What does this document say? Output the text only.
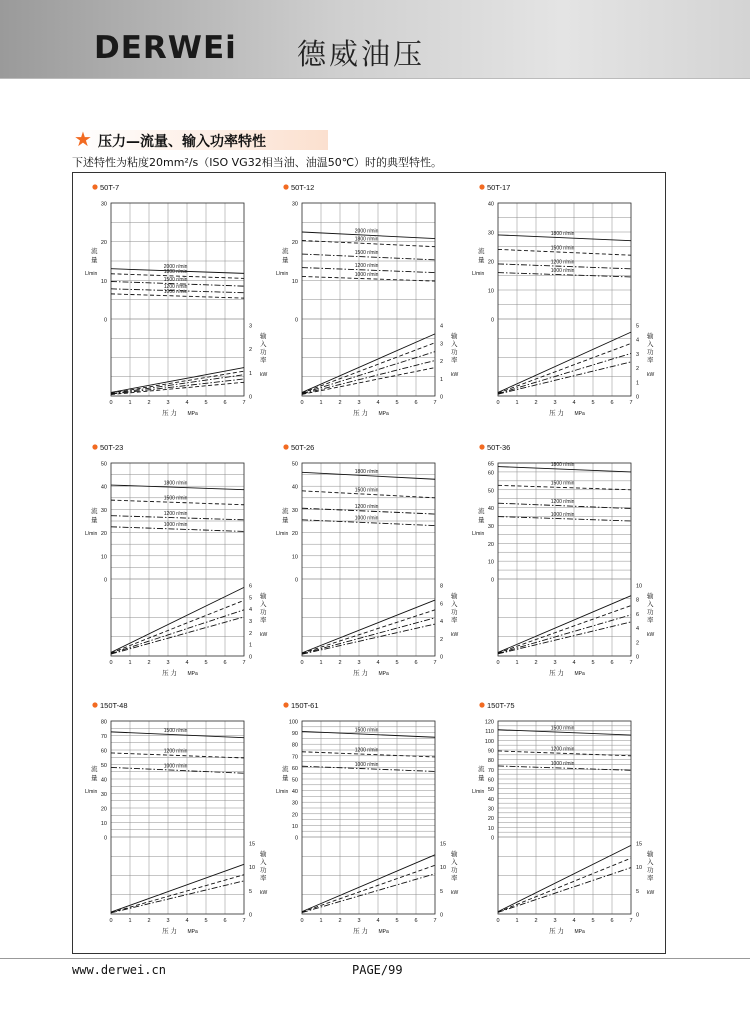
DERWEi 德威油压
★ 压力—流量、输入功率特性
下述特性为粘度20mm²/s（ISO VG32相当油、油温50℃）时的典型特性。
50T-7
0
10
20
30
0
1
2
3
0	1	2	3	4	5	6	7
流
量
L/min
输
入
功
率
kW
压 力 MPa
2000 r/min
1800 r/min
1500 r/min
1200 r/min
1000 r/min
50T-12
0
10
20
30
0
1
2
3
4
0	1	2	3	4	5	6	7
流
量
L/min
输
入
功
率
kW
压 力 MPa
2000 r/min
1800 r/min
1500 r/min
1200 r/min
1000 r/min
50T-17
0
10
20
30
40
0
1
2
3
4
5
0	1	2	3	4	5	6	7
流
量
L/min
输
入
功
率
kW
压 力 MPa
1800 r/min
1500 r/min
1200 r/min
1000 r/min
50T-23
0
10
20
30
40
50
0
1
2
3
4
5
6
0	1	2	3	4	5	6	7
流
量
L/min
输
入
功
率
kW
压 力 MPa
1800 r/min
1500 r/min
1200 r/min
1000 r/min
50T-26
0
10
20
30
40
50
0
2
4
6
8
0	1	2	3	4	5	6	7
流
量
L/min
输
入
功
率
kW
压 力 MPa
1800 r/min
1500 r/min
1200 r/min
1000 r/min
50T-36
0
10
20
30
40
50
60
65
0
2
4
6
8
10
0	1	2	3	4	5	6	7
流
量
L/min
输
入
功
率
kW
压 力 MPa
1800 r/min
1500 r/min
1200 r/min
1000 r/min
150T-48
0
10
20
30
40
50
60
70
80
0
5
10
15
0	1	2	3	4	5	6	7
流
量
L/min
输
入
功
率
kW
压 力 MPa
1500 r/min
1200 r/min
1000 r/min
150T-61
0
10
20
30
40
50
60
70
80
90
100
0
5
10
15
0	1	2	3	4	5	6	7
流
量
L/min
输
入
功
率
kW
压 力 MPa
1500 r/min
1200 r/min
1000 r/min
150T-75
0
10
20
30
40
50
60
70
80
90
100
110
120
0
5
10
15
0	1	2	3	4	5	6	7
流
量
L/min
输
入
功
率
kW
压 力 MPa
1500 r/min
1200 r/min
1000 r/min
www.derwei.cn	PAGE/99
